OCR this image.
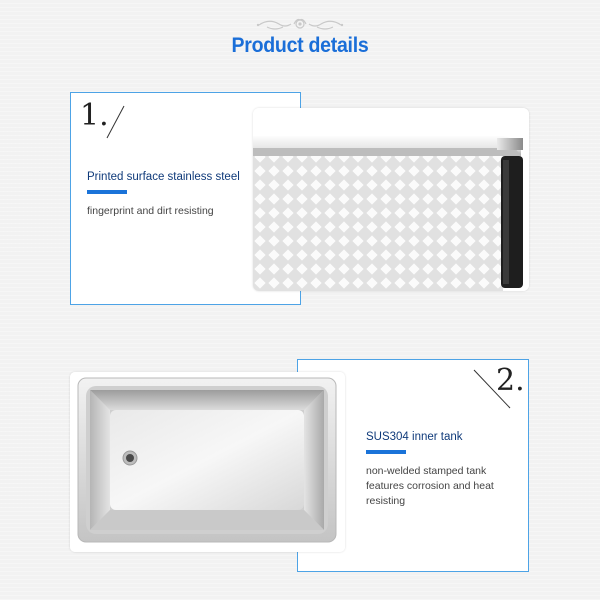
Product details
1.
Printed surface stainless steel
fingerprint and dirt resisting
2.
SUS304 inner tank
non-welded stamped tank features corrosion and heat resisting
